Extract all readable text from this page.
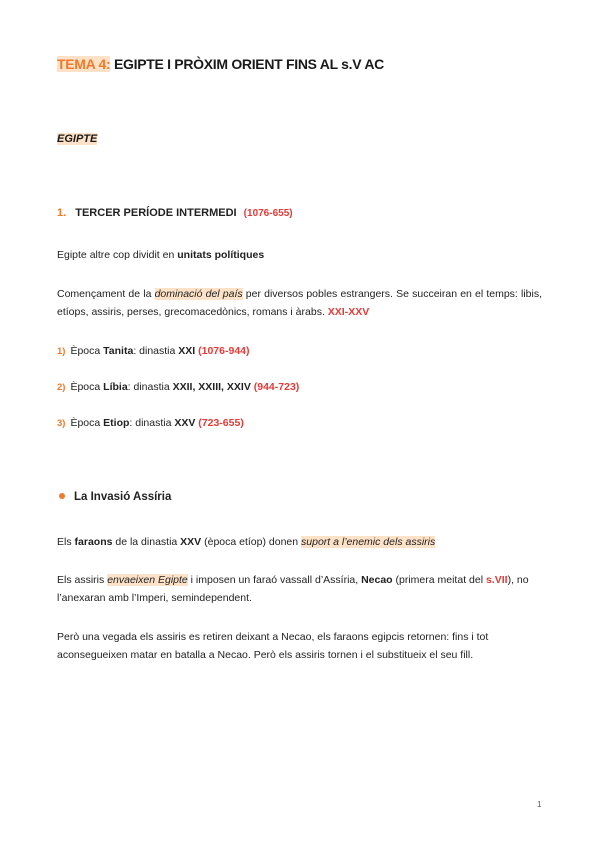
TEMA 4: EGIPTE I PRÒXIM ORIENT FINS AL s.V AC
EGIPTE
1. TERCER PERÍODE INTERMEDI (1076-655)
Egipte altre cop dividit en unitats polítiques
Començament de la dominació del país per diversos pobles estrangers. Se succeiran en el temps: libis, etíops, assiris, perses, grecomacedònics, romans i àrabs. XXI-XXV
1) Època Tanita: dinastia XXI (1076-944)
2) Època Líbia: dinastia XXII, XXIII, XXIV (944-723)
3) Època Etiop: dinastia XXV (723-655)
La Invasió Assíria
Els faraons de la dinastia XXV (època etíop) donen suport a l’enemic dels assiris
Els assiris envaeixen Egipte i imposen un faraó vassall d’Assíria, Necao (primera meitat del s.VII), no l’anexaran amb l’Imperi, semindependent.
Però una vegada els assiris es retiren deixant a Necao, els faraons egipcis retornen: fins i tot aconsegueixen matar en batalla a Necao. Però els assiris tornen i el substitueix el seu fill.
1
